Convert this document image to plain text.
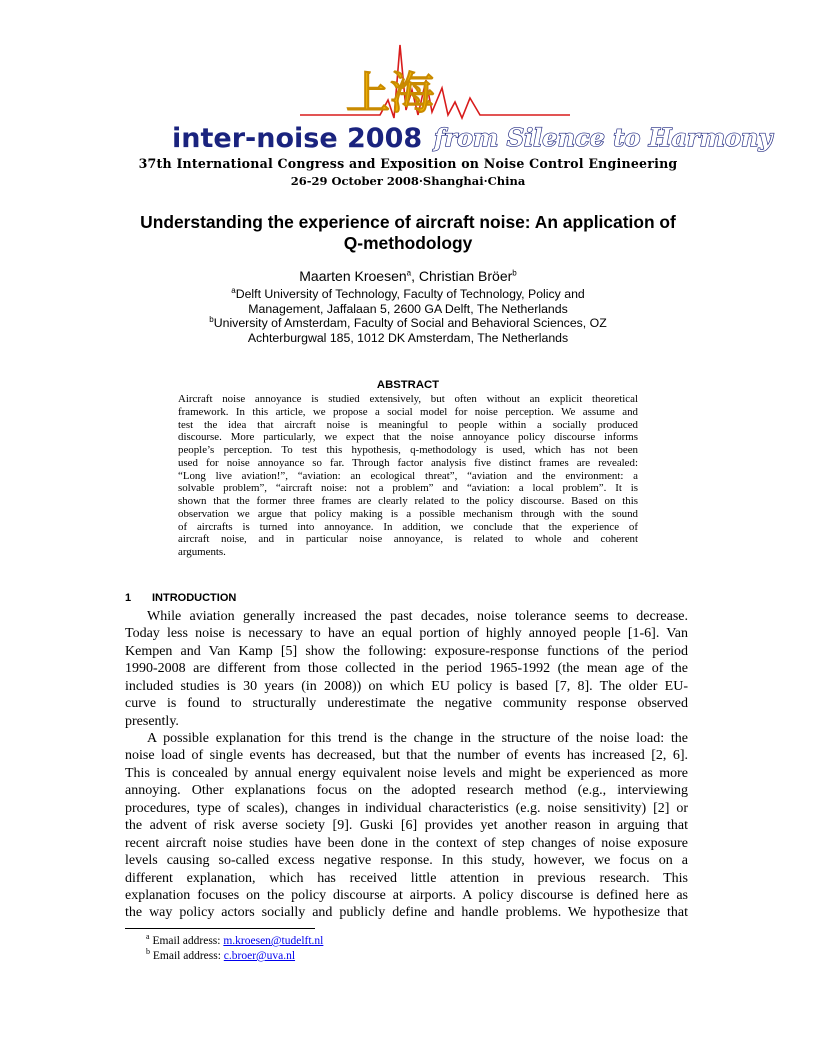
上海
inter-noise 2008 from Silence to Harmony
37th International Congress and Exposition on Noise Control Engineering
26-29 October 2008·Shanghai·China
Understanding the experience of aircraft noise: An application of
Q-methodology
Maarten Kroesen$^a$, Christian Bröer$^b$
$^a$Delft University of Technology, Faculty of Technology, Policy and
Management, Jaffalaan 5, 2600 GA Delft, The Netherlands
$^b$University of Amsterdam, Faculty of Social and Behavioral Sciences, OZ
Achterburgwal 185, 1012 DK Amsterdam, The Netherlands
ABSTRACT
Aircraft noise annoyance is studied extensively, but often without an explicit theoretical
framework. In this article, we propose a social model for noise perception. We assume and
test the idea that aircraft noise is meaningful to people within a socially produced
discourse. More particularly, we expect that the noise annoyance policy discourse informs
people’s perception. To test this hypothesis, q-methodology is used, which has not been
used for noise annoyance so far. Through factor analysis five distinct frames are revealed:
“Long live aviation!”, “aviation: an ecological threat”, “aviation and the environment: a
solvable problem”, “aircraft noise: not a problem” and “aviation: a local problem”. It is
shown that the former three frames are clearly related to the policy discourse. Based on this
observation we argue that policy making is a possible mechanism through with the sound
of aircrafts is turned into annoyance. In addition, we conclude that the experience of
aircraft noise, and in particular noise annoyance, is related to whole and coherent
arguments.
1 INTRODUCTION
While aviation generally increased the past decades, noise tolerance seems to decrease.
Today less noise is necessary to have an equal portion of highly annoyed people [1-6]. Van
Kempen and Van Kamp [5] show the following: exposure-response functions of the period
1990-2008 are different from those collected in the period 1965-1992 (the mean age of the
included studies is 30 years (in 2008)) on which EU policy is based [7, 8]. The older EU-
curve is found to structurally underestimate the negative community response observed
presently.
A possible explanation for this trend is the change in the structure of the noise load: the
noise load of single events has decreased, but that the number of events has increased [2, 6].
This is concealed by annual energy equivalent noise levels and might be experienced as more
annoying. Other explanations focus on the adopted research method (e.g., interviewing
procedures, type of scales), changes in individual characteristics (e.g. noise sensitivity) [2] or
the advent of risk averse society [9]. Guski [6] provides yet another reason in arguing that
recent aircraft noise studies have been done in the context of step changes of noise exposure
levels causing so-called excess negative response. In this study, however, we focus on a
different explanation, which has received little attention in previous research. This
explanation focuses on the policy discourse at airports. A policy discourse is defined here as
the way policy actors socially and publicly define and handle problems. We hypothesize that
$^a$ Email address: m.kroesen@tudelft.nl
$^b$ Email address: c.broer@uva.nl
